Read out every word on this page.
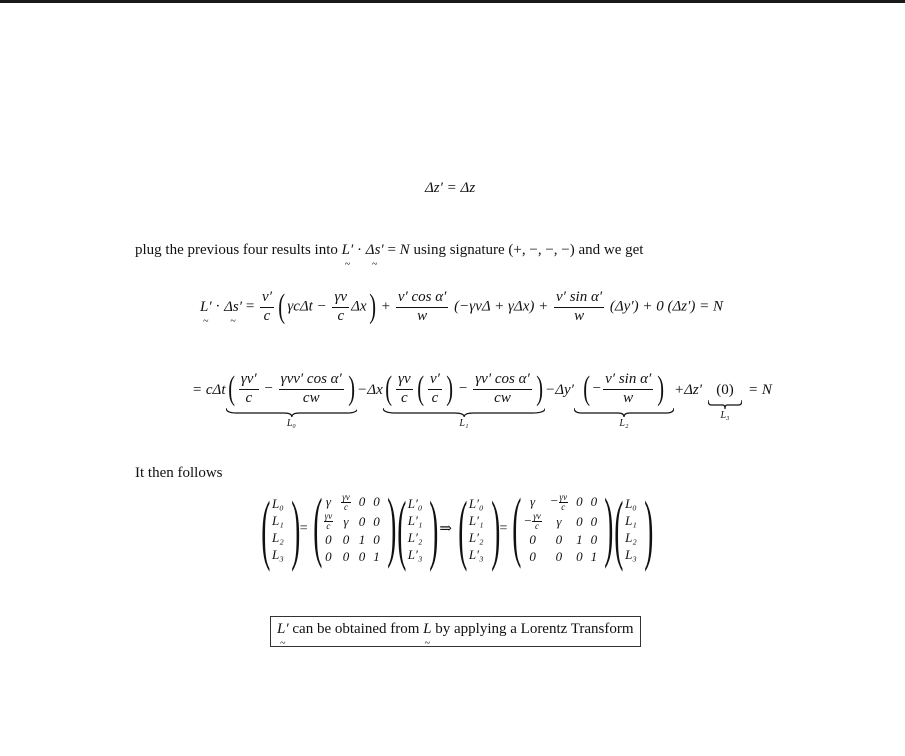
Δz′ = Δz
plug the previous four results into L′ ~ · Δs′ ~ = N using signature (+, −, −, −) and we get
L′ ~ · Δs′ ~ = $\frac{v'}{c}$ ( $\gamma c\Delta t - \frac{\gamma v}{c} \Delta x) + \frac{\text{v′ cos α′}}{w} (-\gamma v\Delta + \gamma\Delta x) + \frac{\text{v′ sin α′}}{w} (\Delta y') + 0$ (Δz′) = N
= cΔt ( $\frac{\gamma v'}{c} - \frac{\text{γvv′ cos α′}}{cw}$ )
L₀
−Δx ( $\frac{\gamma v}{c}$ ( $\frac{v'}{c}$ ) − $\frac{\text{γv′ cos α′}}{cw}$ )
L₁
−Δy′ ( − $\frac{\text{v′ sin α′}}{w}$ )
L₂
+Δz′ (0)
L₃
= N
It then follows
( L₀
L₁
L₂
L₃ ) = ( γ	$\frac{\gamma v}{c}$	0	0

$\frac{\gamma v}{c}$	γ	0	0
0	0	1	0
0	0	0	1 ) ( L′₀
L′₁
L′₂
L′₃ ) ⇒ ( L′₀
L′₁
L′₂
L′₃ ) = ( γ	− $\frac{\gamma v}{c}$	0	0
− $\frac{\gamma v}{c}$	γ	0	0
0	0	1	0
0	0	0	1 ) ( L₀
L₁
L₂
L₃ )
L′ ~ can be obtained from L ~ by applying a Lorentz Transform
